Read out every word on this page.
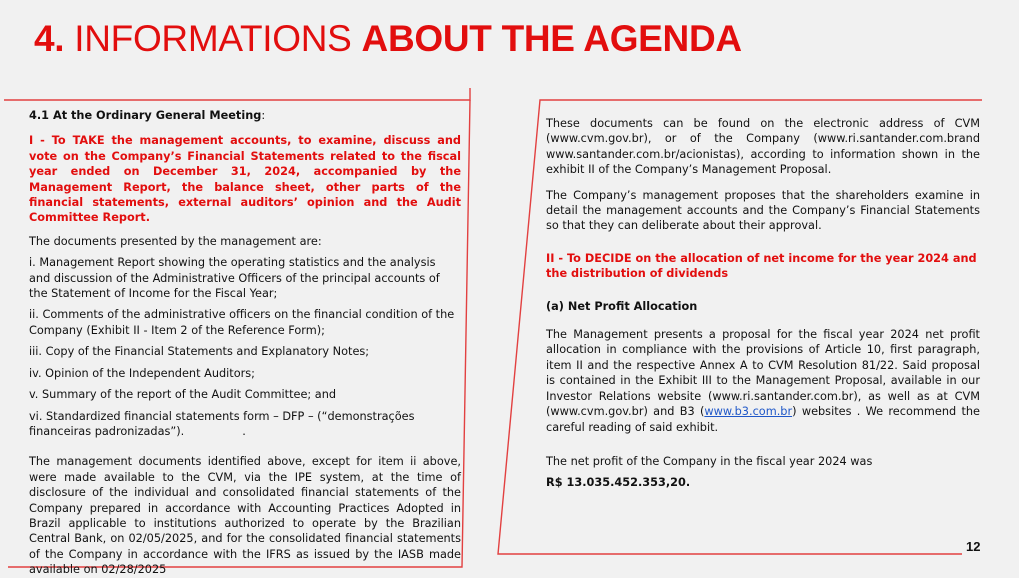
4. INFORMATIONS ABOUT THE AGENDA

4.1 At the Ordinary General Meeting:

I - To TAKE the management accounts, to examine, discuss and vote on the Company’s Financial Statements related to the fiscal year ended on December 31, 2024, accompanied by the Management Report, the balance sheet, other parts of the financial statements, external auditors’ opinion and the Audit Committee Report.

The documents presented by the management are:

i. Management Report showing the operating statistics and the analysis

and discussion of the Administrative Officers of the principal accounts of

the Statement of Income for the Fiscal Year;

ii. Comments of the administrative officers on the financial condition of the

Company (Exhibit II - Item 2 of the Reference Form);

iii. Copy of the Financial Statements and Explanatory Notes;

iv. Opinion of the Independent Auditors;

v. Summary of the report of the Audit Committee; and

vi. Standardized financial statements form – DFP – (“demonstrações

financeiras padronizadas”).	.

The management documents identified above, except for item ii above, were made available to the CVM, via the IPE system, at the time of disclosure of the individual and consolidated financial statements of the Company prepared in accordance with Accounting Practices Adopted in Brazil applicable to institutions authorized to operate by the Brazilian Central Bank, on 02/05/2025, and for the consolidated financial statements of the Company in accordance with the IFRS as issued by the IASB made available on 02/28/2025

These documents can be found on the electronic address of CVM (www.cvm.gov.br), or of the Company (www.ri.santander.com.brand www.santander.com.br/acionistas), according to information shown in the exhibit II of the Company’s Management Proposal.

The Company’s management proposes that the shareholders examine in detail the management accounts and the Company’s Financial Statements so that they can deliberate about their approval.

II - To DECIDE on the allocation of net income for the year 2024 and the distribution of dividends

(a) Net Profit Allocation

The Management presents a proposal for the fiscal year 2024 net profit allocation in compliance with the provisions of Article 10, first paragraph, item II and the respective Annex A to CVM Resolution 81/22. Said proposal is contained in the Exhibit III to the Management Proposal, available in our Investor Relations website (www.ri.santander.com.br), as well as at CVM (www.cvm.gov.br) and B3 (www.b3.com.br) websites . We recommend the careful reading of said exhibit.

The net profit of the Company in the fiscal year 2024 was

R$ 13.035.452.353,20.

12
